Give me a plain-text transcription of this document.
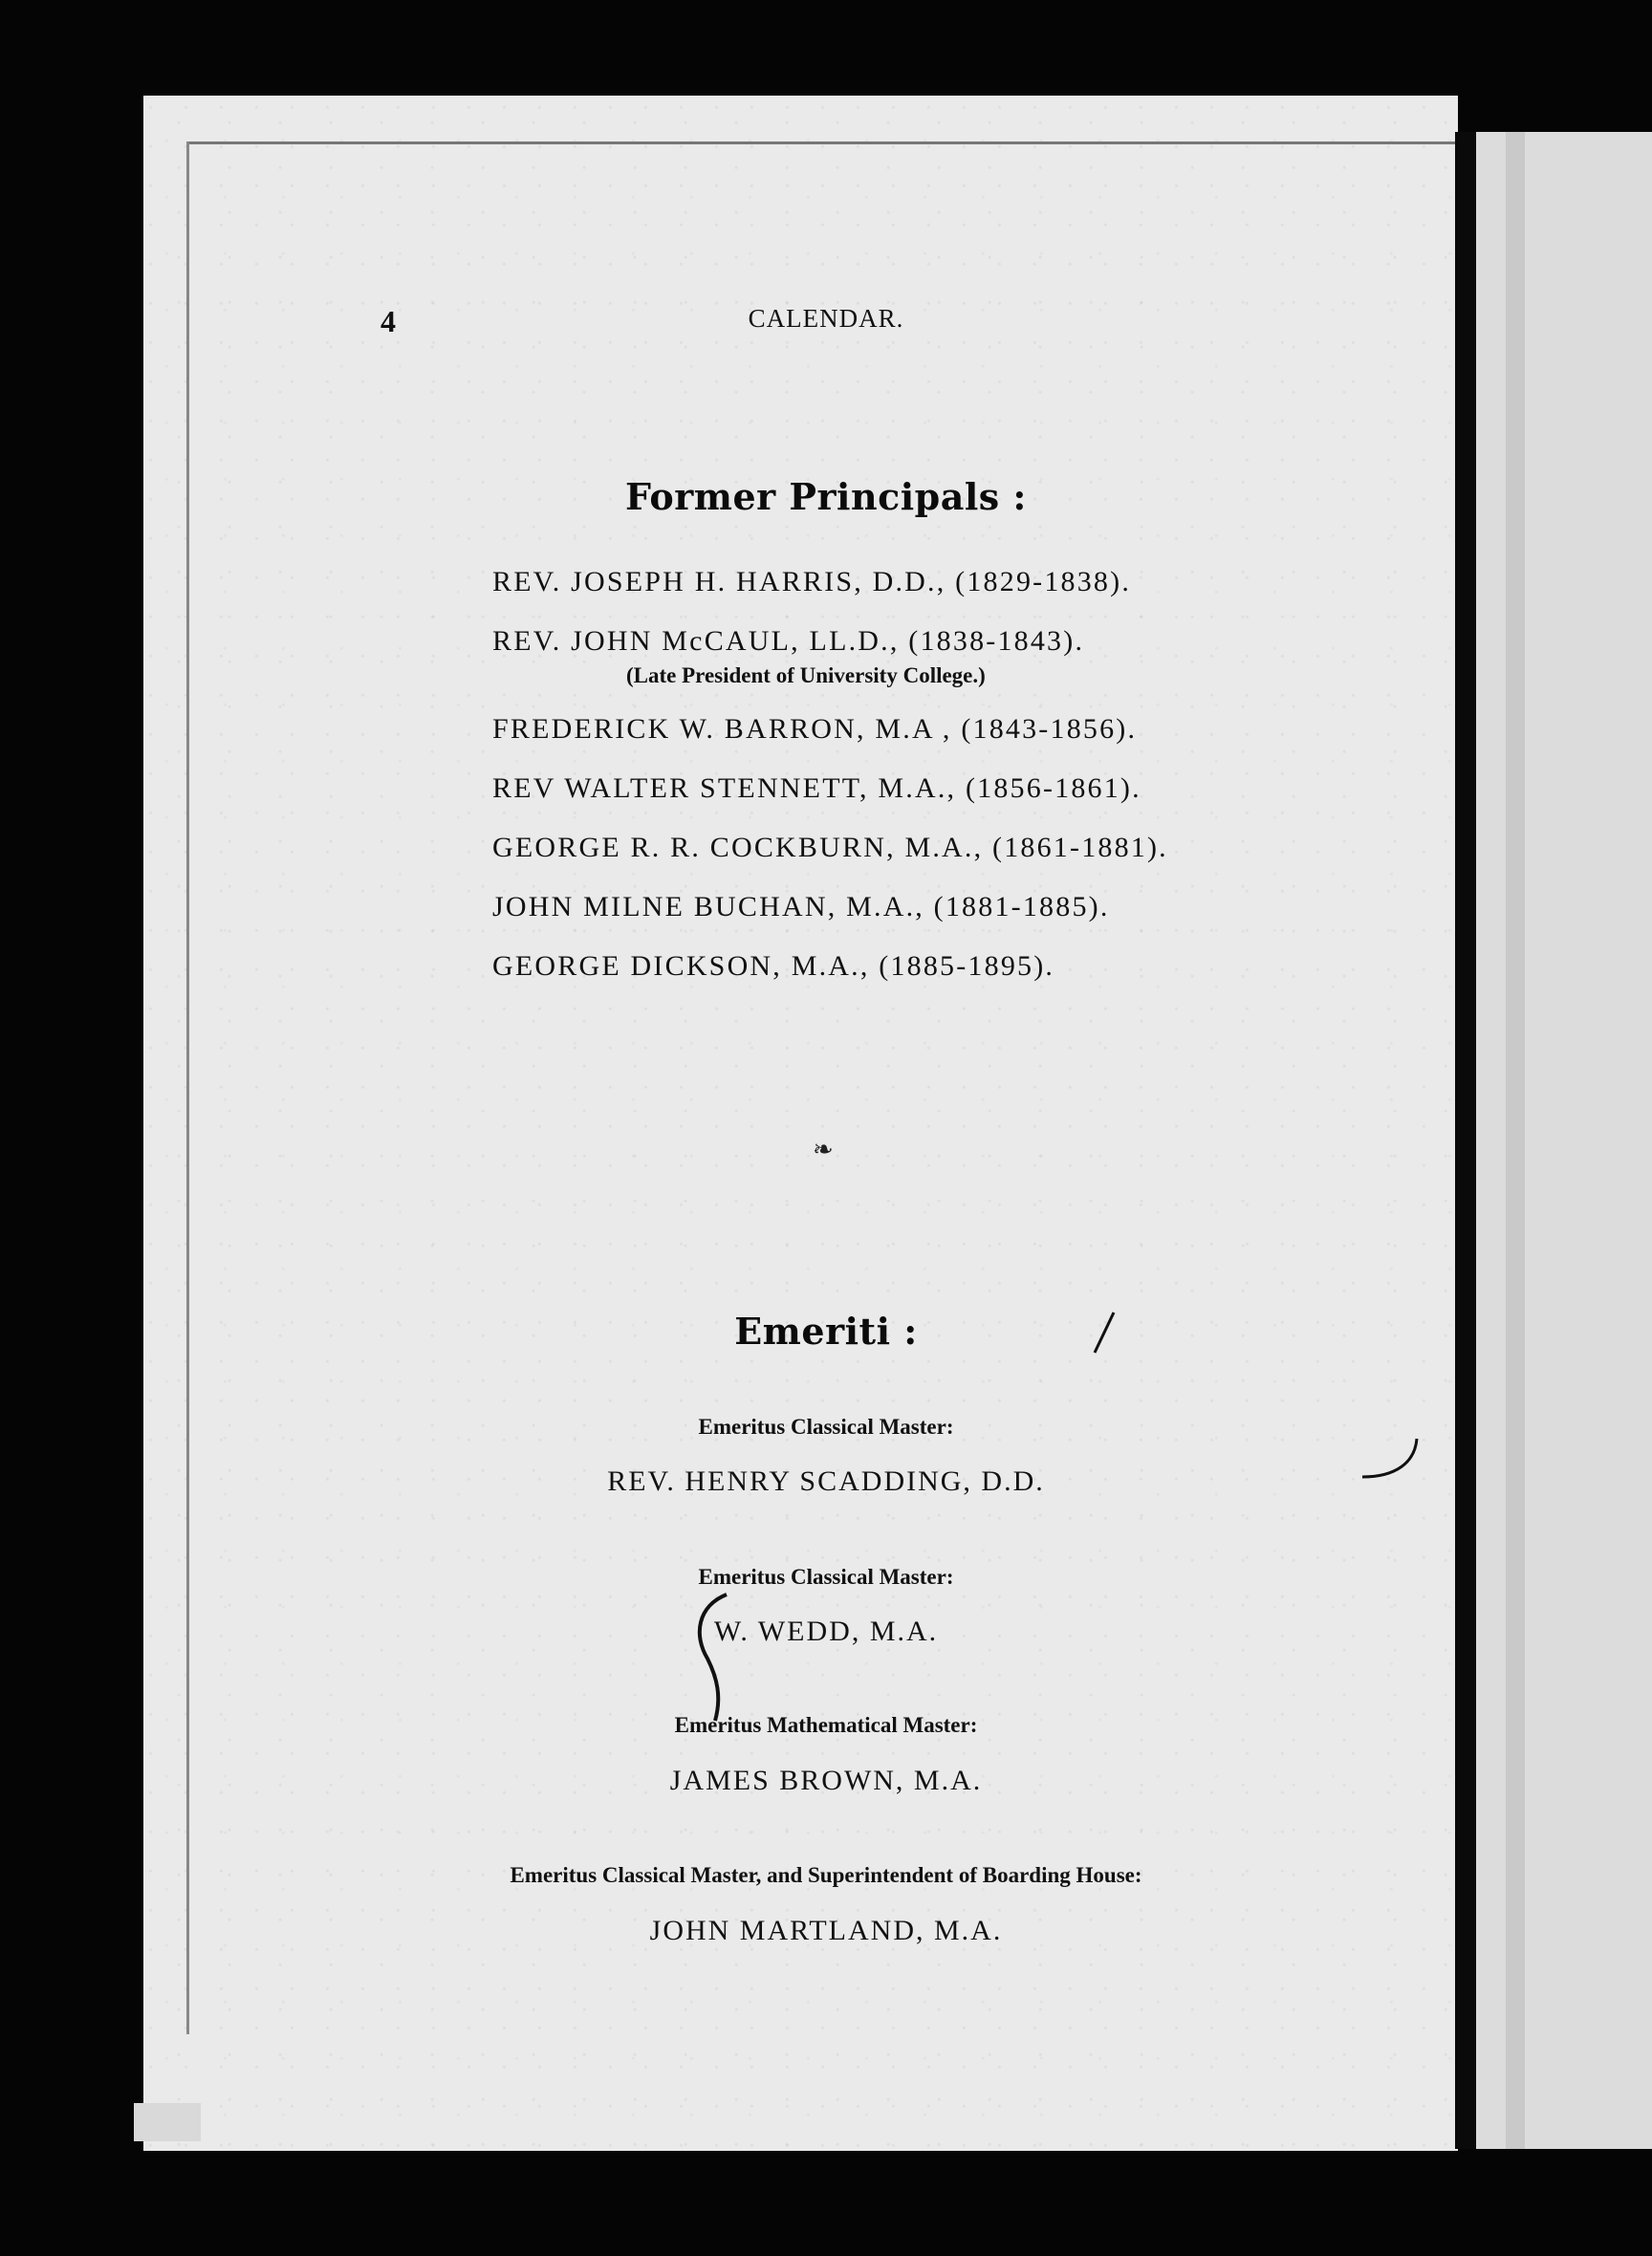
4	CALENDAR.
Former Principals :
REV. JOSEPH H. HARRIS, D.D., (1829-1838).
REV. JOHN McCAUL, LL.D., (1838-1843).
(Late President of University College.)
FREDERICK W. BARRON, M.A , (1843-1856).
REV WALTER STENNETT, M.A., (1856-1861).
GEORGE R. R. COCKBURN, M.A., (1861-1881).
JOHN MILNE BUCHAN, M.A., (1881-1885).
GEORGE DICKSON, M.A., (1885-1895).
❧
Emeriti :
Emeritus Classical Master:
REV. HENRY SCADDING, D.D.
Emeritus Classical Master:
W. WEDD, M.A.
Emeritus Mathematical Master:
JAMES BROWN, M.A.
Emeritus Classical Master, and Superintendent of Boarding House:
JOHN MARTLAND, M.A.
